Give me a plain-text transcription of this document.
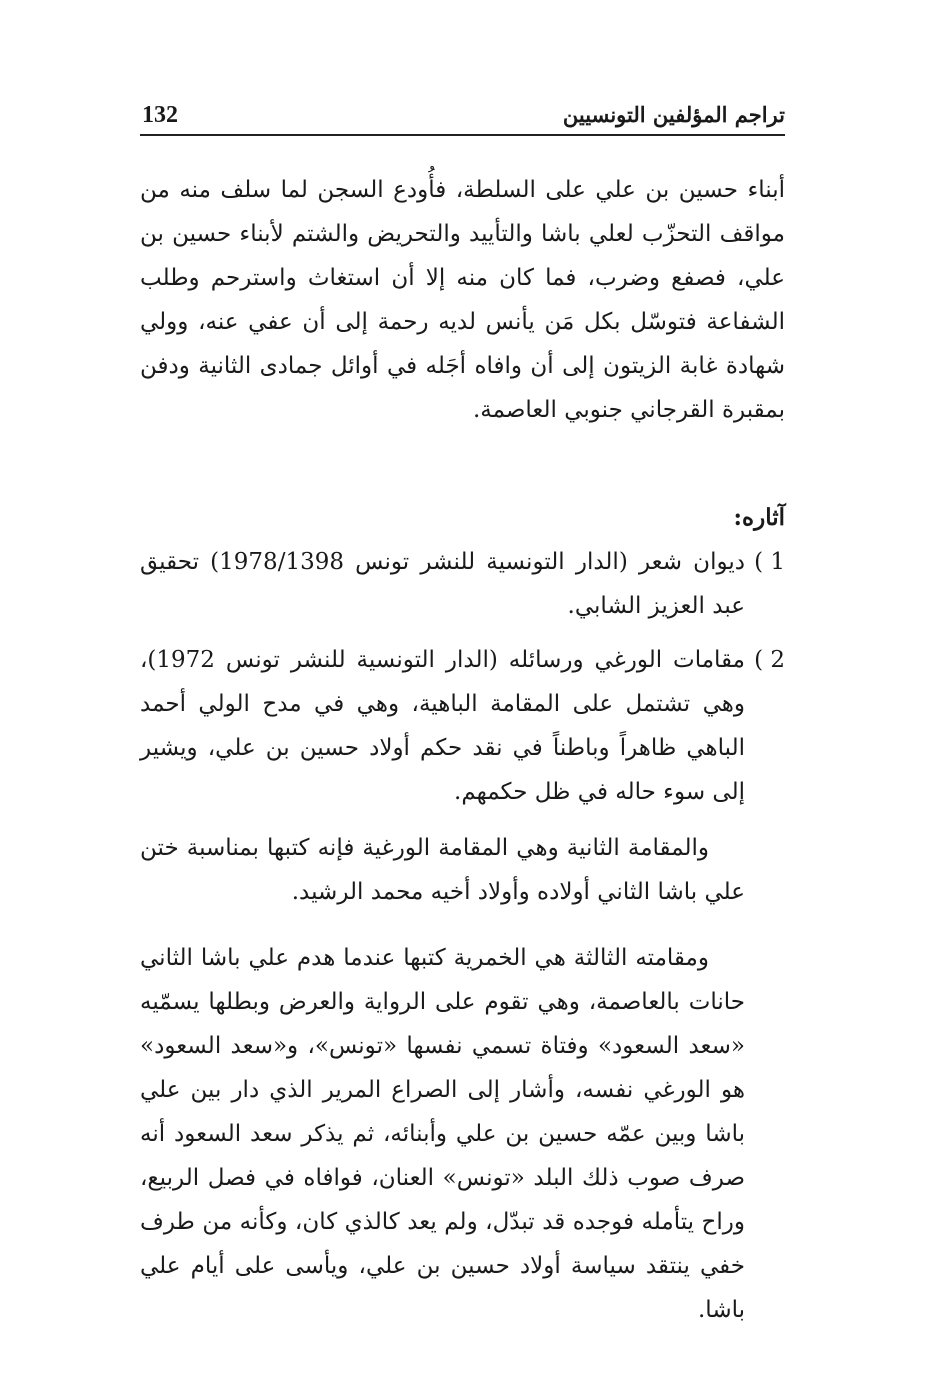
132	تراجم المؤلفين التونسيين

أبناء حسين بن علي على السلطة، فأُودع السجن لما سلف منه من مواقف التحزّب لعلي باشا والتأييد والتحريض والشتم لأبناء حسين بن علي، فصفع وضرب، فما كان منه إلا أن استغاث واسترحم وطلب الشفاعة فتوسّل بكل مَن يأنس لديه رحمة إلى أن عفي عنه، وولي شهادة غابة الزيتون إلى أن وافاه أجَله في أوائل جمادى الثانية ودفن بمقبرة القرجاني جنوبي العاصمة.

آثاره:
1 )
ديوان شعر (الدار التونسية للنشر تونس 1978/1398) تحقيق عبد العزيز الشابي.
2 )
مقامات الورغي ورسائله (الدار التونسية للنشر تونس 1972)، وهي تشتمل على المقامة الباهية، وهي في مدح الولي أحمد الباهي ظاهراً وباطناً في نقد حكم أولاد حسين بن علي، ويشير إلى سوء حاله في ظل حكمهم.

والمقامة الثانية وهي المقامة الورغية فإنه كتبها بمناسبة ختن علي باشا الثاني أولاده وأولاد أخيه محمد الرشيد.

ومقامته الثالثة هي الخمرية كتبها عندما هدم علي باشا الثاني حانات بالعاصمة، وهي تقوم على الرواية والعرض وبطلها يسمّيه «سعد السعود» وفتاة تسمي نفسها «تونس»، و«سعد السعود» هو الورغي نفسه، وأشار إلى الصراع المرير الذي دار بين علي باشا وبين عمّه حسين بن علي وأبنائه، ثم يذكر سعد السعود أنه صرف صوب ذلك البلد «تونس» العنان، فوافاه في فصل الربيع، وراح يتأمله فوجده قد تبدّل، ولم يعد كالذي كان، وكأنه من طرف خفي ينتقد سياسة أولاد حسين بن علي، ويأسى على أيام علي باشا.
